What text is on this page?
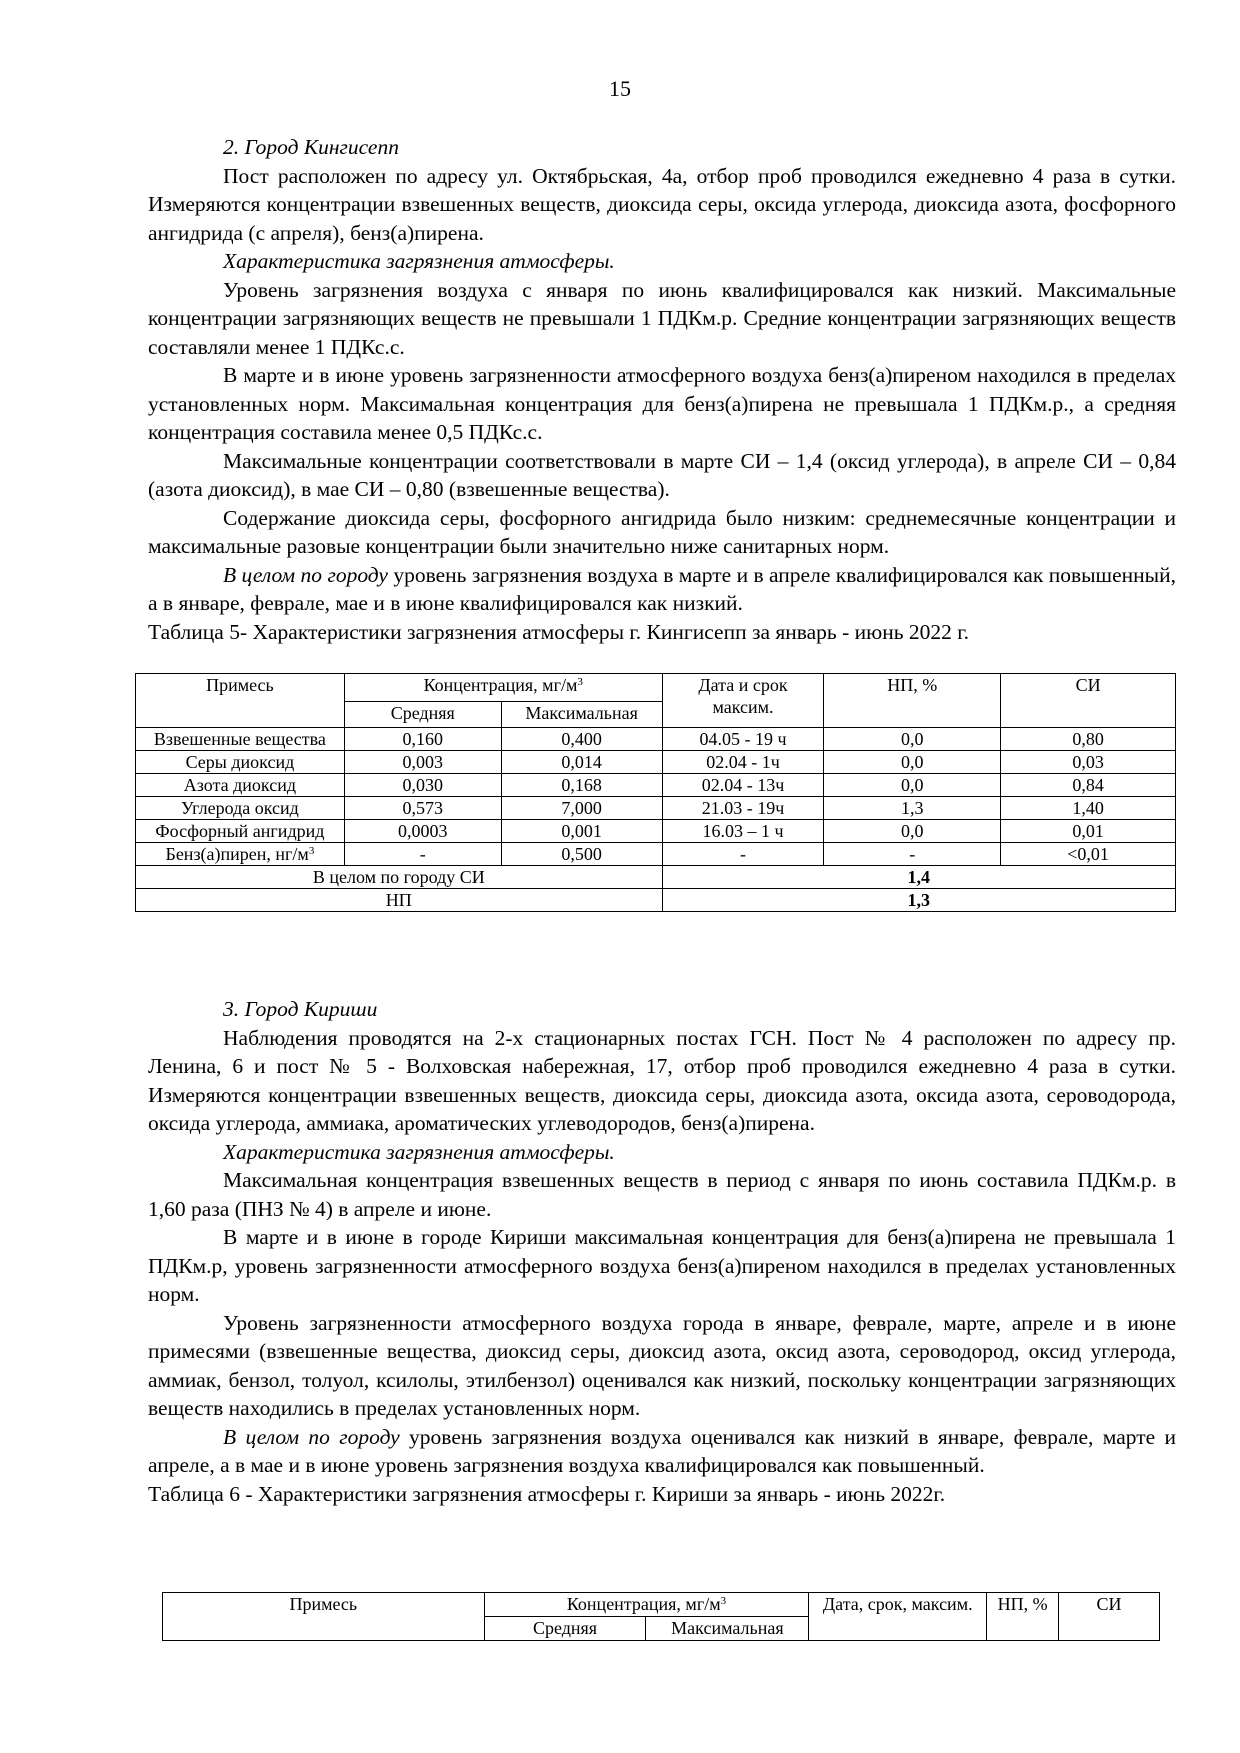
15

2. Город Кингисепп

Пост расположен по адресу ул. Октябрьская, 4а, отбор проб проводился ежедневно 4 раза в сутки. Измеряются концентрации взвешенных веществ, диоксида серы, оксида углерода, диоксида азота, фосфорного ангидрида (с апреля), бенз(а)пирена.

Характеристика загрязнения атмосферы.

Уровень загрязнения воздуха с января по июнь квалифицировался как низкий. Максимальные концентрации загрязняющих веществ не превышали 1 ПДКм.р. Средние концентрации загрязняющих веществ составляли менее 1 ПДКс.с.

В марте и в июне уровень загрязненности атмосферного воздуха бенз(а)пиреном находился в пределах установленных норм. Максимальная концентрация для бенз(а)пирена не превышала 1 ПДКм.р., а средняя концентрация составила менее 0,5 ПДКс.с.

Максимальные концентрации соответствовали в марте СИ – 1,4 (оксид углерода), в апреле СИ – 0,84 (азота диоксид), в мае СИ – 0,80 (взвешенные вещества).

Содержание диоксида серы, фосфорного ангидрида было низким: среднемесячные концентрации и максимальные разовые концентрации были значительно ниже санитарных норм.

В целом по городу уровень загрязнения воздуха в марте и в апреле квалифицировался как повышенный, а в январе, феврале, мае и в июне квалифицировался как низкий.

Таблица 5- Характеристики загрязнения атмосферы г. Кингисепп за январь - июнь 2022 г.

Примесь	Концентрация, $мг/м^3$		Дата и срок максим.	НП, %	СИ
	Средняя	Максимальная			
Взвешенные вещества	0,160	0,400	04.05 - 19 ч	0,0	0,80
Серы диоксид	0,003	0,014	02.04 - 1ч	0,0	0,03
Азота диоксид	0,030	0,168	02.04 - 13ч	0,0	0,84
Углерода оксид	0,573	7,000	21.03 - 19ч	1,3	1,40
Фосфорный ангидрид	0,0003	0,001	16.03 – 1 ч	0,0	0,01
Бенз(а)пирен, $нг/м^3$	-	0,500	-	-	<0,01
В целом по городу СИ			1,4		
НП			1,3		

3. Город Кириши

Наблюдения проводятся на 2-х стационарных постах ГСН. Пост № 4 расположен по адресу пр. Ленина, 6 и пост № 5 - Волховская набережная, 17, отбор проб проводился ежедневно 4 раза в сутки. Измеряются концентрации взвешенных веществ, диоксида серы, диоксида азота, оксида азота, сероводорода, оксида углерода, аммиака, ароматических углеводородов, бенз(а)пирена.

Характеристика загрязнения атмосферы.

Максимальная концентрация взвешенных веществ в период с января по июнь составила ПДКм.р. в 1,60 раза (ПНЗ № 4) в апреле и июне.

В марте и в июне в городе Кириши максимальная концентрация для бенз(а)пирена не превышала 1 ПДКм.р, уровень загрязненности атмосферного воздуха бенз(а)пиреном находился в пределах установленных норм.

Уровень загрязненности атмосферного воздуха города в январе, феврале, марте, апреле и в июне примесями (взвешенные вещества, диоксид серы, диоксид азота, оксид азота, сероводород, оксид углерода, аммиак, бензол, толуол, ксилолы, этилбензол) оценивался как низкий, поскольку концентрации загрязняющих веществ находились в пределах установленных норм.

В целом по городу уровень загрязнения воздуха оценивался как низкий в январе, феврале, марте и апреле, а в мае и в июне уровень загрязнения воздуха квалифицировался как повышенный.

Таблица 6 - Характеристики загрязнения атмосферы г. Кириши за январь - июнь 2022г.

Примесь	Концентрация, $мг/м^3$		Дата, срок, максим.	НП, %	СИ
	Средняя	Максимальная			
